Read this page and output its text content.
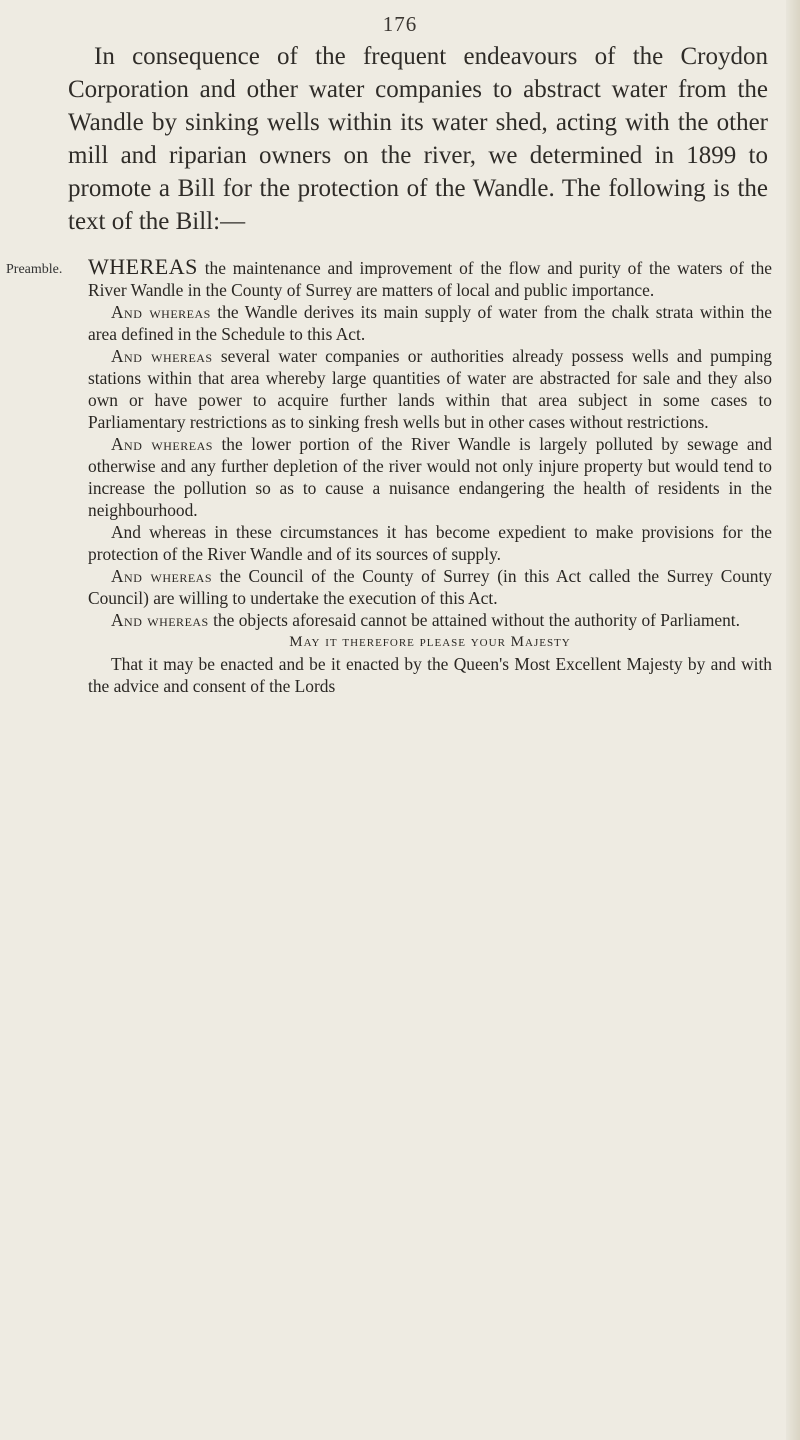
176

In consequence of the frequent endeavours of the Croydon Corporation and other water companies to abstract water from the Wandle by sinking wells within its water shed, acting with the other mill and riparian owners on the river, we determined in 1899 to promote a Bill for the protection of the Wandle. The following is the text of the Bill:—

Preamble. WHEREAS the maintenance and improvement of the flow and purity of the waters of the River Wandle in the County of Surrey are matters of local and public importance.

And whereas the Wandle derives its main supply of water from the chalk strata within the area defined in the Schedule to this Act.

And whereas several water companies or authorities already possess wells and pumping stations within that area whereby large quantities of water are abstracted for sale and they also own or have power to acquire further lands within that area subject in some cases to Parliamentary restrictions as to sinking fresh wells but in other cases without restrictions.

And whereas the lower portion of the River Wandle is largely polluted by sewage and otherwise and any further depletion of the river would not only injure property but would tend to increase the pollution so as to cause a nuisance endangering the health of residents in the neighbourhood.

And whereas in these circumstances it has become expedient to make provisions for the protection of the River Wandle and of its sources of supply.

And whereas the Council of the County of Surrey (in this Act called the Surrey County Council) are willing to undertake the execution of this Act.

And whereas the objects aforesaid cannot be attained without the authority of Parliament.

May it therefore please your Majesty

That it may be enacted and be it enacted by the Queen's Most Excellent Majesty by and with the advice and consent of the Lords
